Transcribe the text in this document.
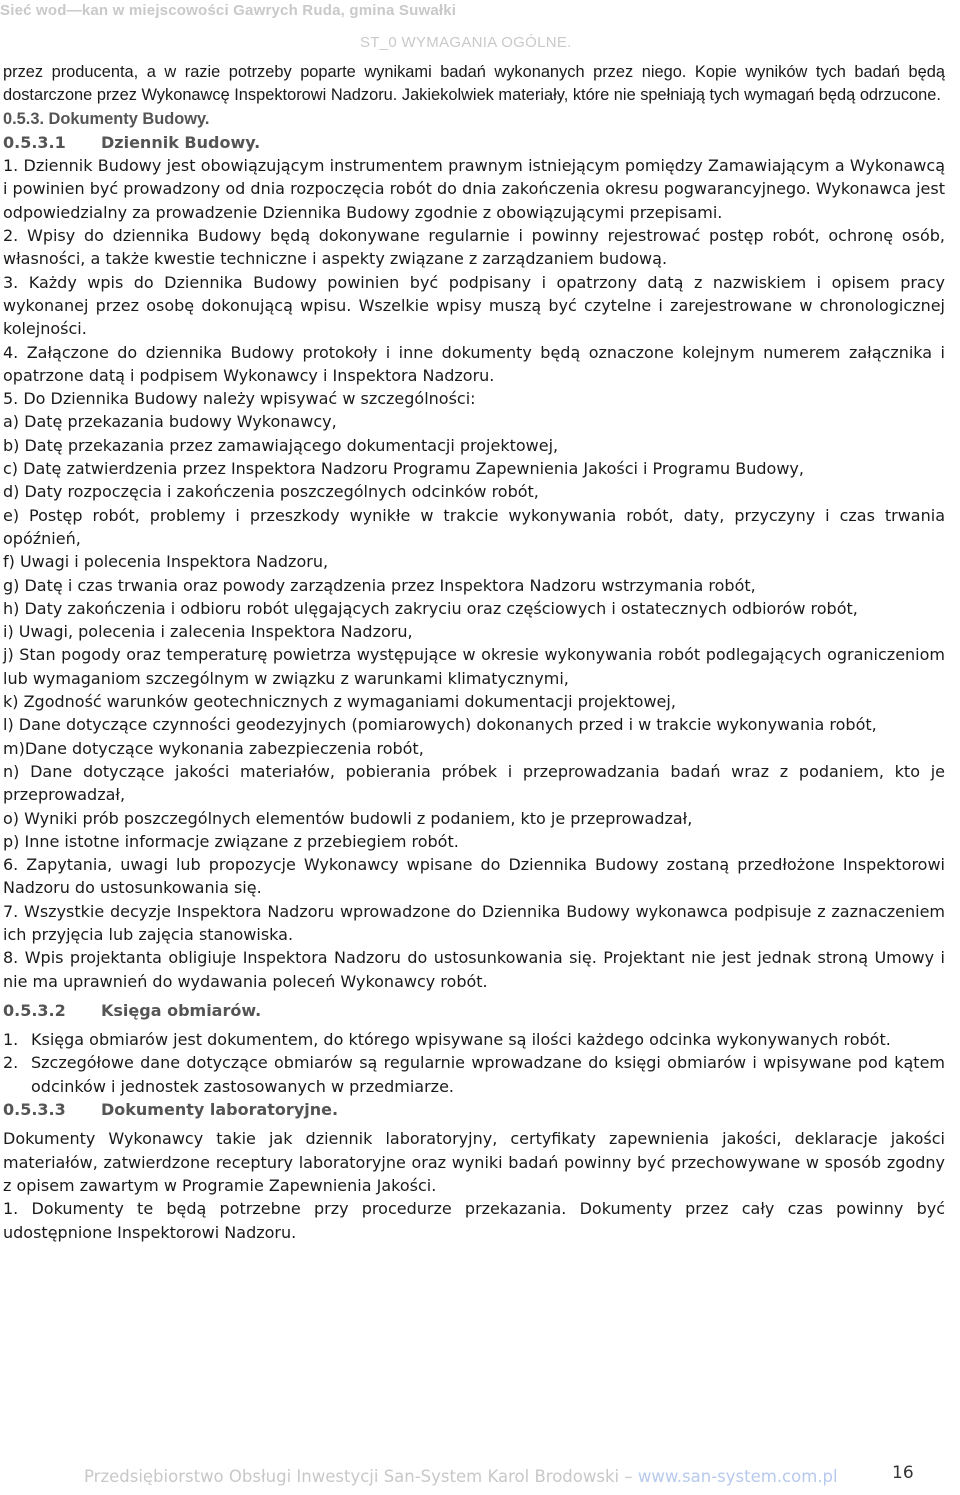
Sieć wod—kan w miejscowości Gawrych Ruda, gmina Suwałki
ST_0 WYMAGANIA OGÓLNE.

przez producenta, a w razie potrzeby poparte wynikami badań wykonanych przez niego. Kopie wyników tych badań będą dostarczone przez Wykonawcę Inspektorowi Nadzoru. Jakiekolwiek materiały, które nie spełniają tych wymagań będą odrzucone.

0.5.3. Dokumenty Budowy.

0.5.3.1 Dziennik Budowy.

1. Dziennik Budowy jest obowiązującym instrumentem prawnym istniejącym pomiędzy Zamawiającym a Wykonawcą i powinien być prowadzony od dnia rozpoczęcia robót do dnia zakończenia okresu pogwarancyjnego. Wykonawca jest odpowiedzialny za prowadzenie Dziennika Budowy zgodnie z obowiązującymi przepisami.

2. Wpisy do dziennika Budowy będą dokonywane regularnie i powinny rejestrować postęp robót, ochronę osób, własności, a także kwestie techniczne i aspekty związane z zarządzaniem budową.

3. Każdy wpis do Dziennika Budowy powinien być podpisany i opatrzony datą z nazwiskiem i opisem pracy wykonanej przez osobę dokonującą wpisu. Wszelkie wpisy muszą być czytelne i zarejestrowane w chronologicznej kolejności.

4. Załączone do dziennika Budowy protokoły i inne dokumenty będą oznaczone kolejnym numerem załącznika i opatrzone datą i podpisem Wykonawcy i Inspektora Nadzoru.

5. Do Dziennika Budowy należy wpisywać w szczególności:

a) Datę przekazania budowy Wykonawcy,

b) Datę przekazania przez zamawiającego dokumentacji projektowej,

c) Datę zatwierdzenia przez Inspektora Nadzoru Programu Zapewnienia Jakości i Programu Budowy,

d) Daty rozpoczęcia i zakończenia poszczególnych odcinków robót,

e) Postęp robót, problemy i przeszkody wynikłe w trakcie wykonywania robót, daty, przyczyny i czas trwania opóźnień,

f) Uwagi i polecenia Inspektora Nadzoru,

g) Datę i czas trwania oraz powody zarządzenia przez Inspektora Nadzoru wstrzymania robót,

h) Daty zakończenia i odbioru robót ulęgających zakryciu oraz częściowych i ostatecznych odbiorów robót,

i) Uwagi, polecenia i zalecenia Inspektora Nadzoru,

j) Stan pogody oraz temperaturę powietrza występujące w okresie wykonywania robót podlegających ograniczeniom lub wymaganiom szczególnym w związku z warunkami klimatycznymi,

k) Zgodność warunków geotechnicznych z wymaganiami dokumentacji projektowej,

l) Dane dotyczące czynności geodezyjnych (pomiarowych) dokonanych przed i w trakcie wykonywania robót,

m)Dane dotyczące wykonania zabezpieczenia robót,

n) Dane dotyczące jakości materiałów, pobierania próbek i przeprowadzania badań wraz z podaniem, kto je przeprowadzał,

o) Wyniki prób poszczególnych elementów budowli z podaniem, kto je przeprowadzał,

p) Inne istotne informacje związane z przebiegiem robót.

6. Zapytania, uwagi lub propozycje Wykonawcy wpisane do Dziennika Budowy zostaną przedłożone Inspektorowi Nadzoru do ustosunkowania się.

7. Wszystkie decyzje Inspektora Nadzoru wprowadzone do Dziennika Budowy wykonawca podpisuje z zaznaczeniem ich przyjęcia lub zajęcia stanowiska.

8. Wpis projektanta obligiuje Inspektora Nadzoru do ustosunkowania się. Projektant nie jest jednak stroną Umowy i nie ma uprawnień do wydawania poleceń Wykonawcy robót.

0.5.3.2 Księga obmiarów.

1. Księga obmiarów jest dokumentem, do którego wpisywane są ilości każdego odcinka wykonywanych robót.
2. Szczegółowe dane dotyczące obmiarów są regularnie wprowadzane do księgi obmiarów i wpisywane pod kątem odcinków i jednostek zastosowanych w przedmiarze.

0.5.3.3 Dokumenty laboratoryjne.

Dokumenty Wykonawcy takie jak dziennik laboratoryjny, certyfikaty zapewnienia jakości, deklaracje jakości materiałów, zatwierdzone receptury laboratoryjne oraz wyniki badań powinny być przechowywane w sposób zgodny z opisem zawartym w Programie Zapewnienia Jakości.

1. Dokumenty te będą potrzebne przy procedurze przekazania. Dokumenty przez cały czas powinny być udostępnione Inspektorowi Nadzoru.

Przedsiębiorstwo Obsługi Inwestycji San-System Karol Brodowski – www.san-system.com.pl	16
